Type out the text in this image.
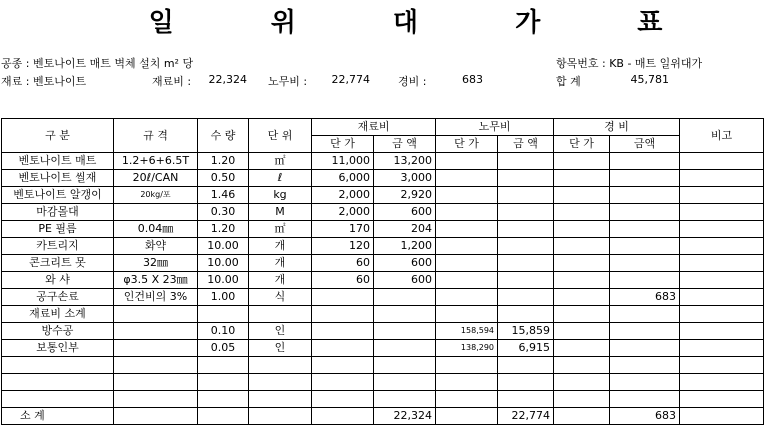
일 위 대 가 표
공종 : 벤토나이트 매트 벽체 설치 m² 당	항목번호 : KB - 매트 일위대가
재료 : 벤토나이트	재료비 :	22,324 노무비 :	22,774	경비 :	683	합 계	45,781
구 분	규 격	수 량	단 위	재료비		노무비		경 비		비고
				단 가	금 액	단 가	금 액	단 가	금액	
벤토나이트 매트	1.2+6+6.5T	1.20	㎡	11,000	13,200					
벤토나이트 씰재	20ℓ/CAN	0.50	ℓ	6,000	3,000					
벤토나이트 알갱이	20kg/포	1.46	kg	2,000	2,920					
마감몰대		0.30	M	2,000	600					
PE 필름	0.04㎜	1.20	㎡	170	204					
카트리지	화약	10.00	개	120	1,200					
콘크리트 못	32㎜	10.00	개	60	600					
와 샤	φ3.5 X 23㎜	10.00	개	60	600					
공구손료	인건비의 3%	1.00	식						683	
재료비 소계										
방수공		0.10	인			158,594	15,859			
보통인부		0.05	인			138,290	6,915			

소 계					22,324		22,774		683	
